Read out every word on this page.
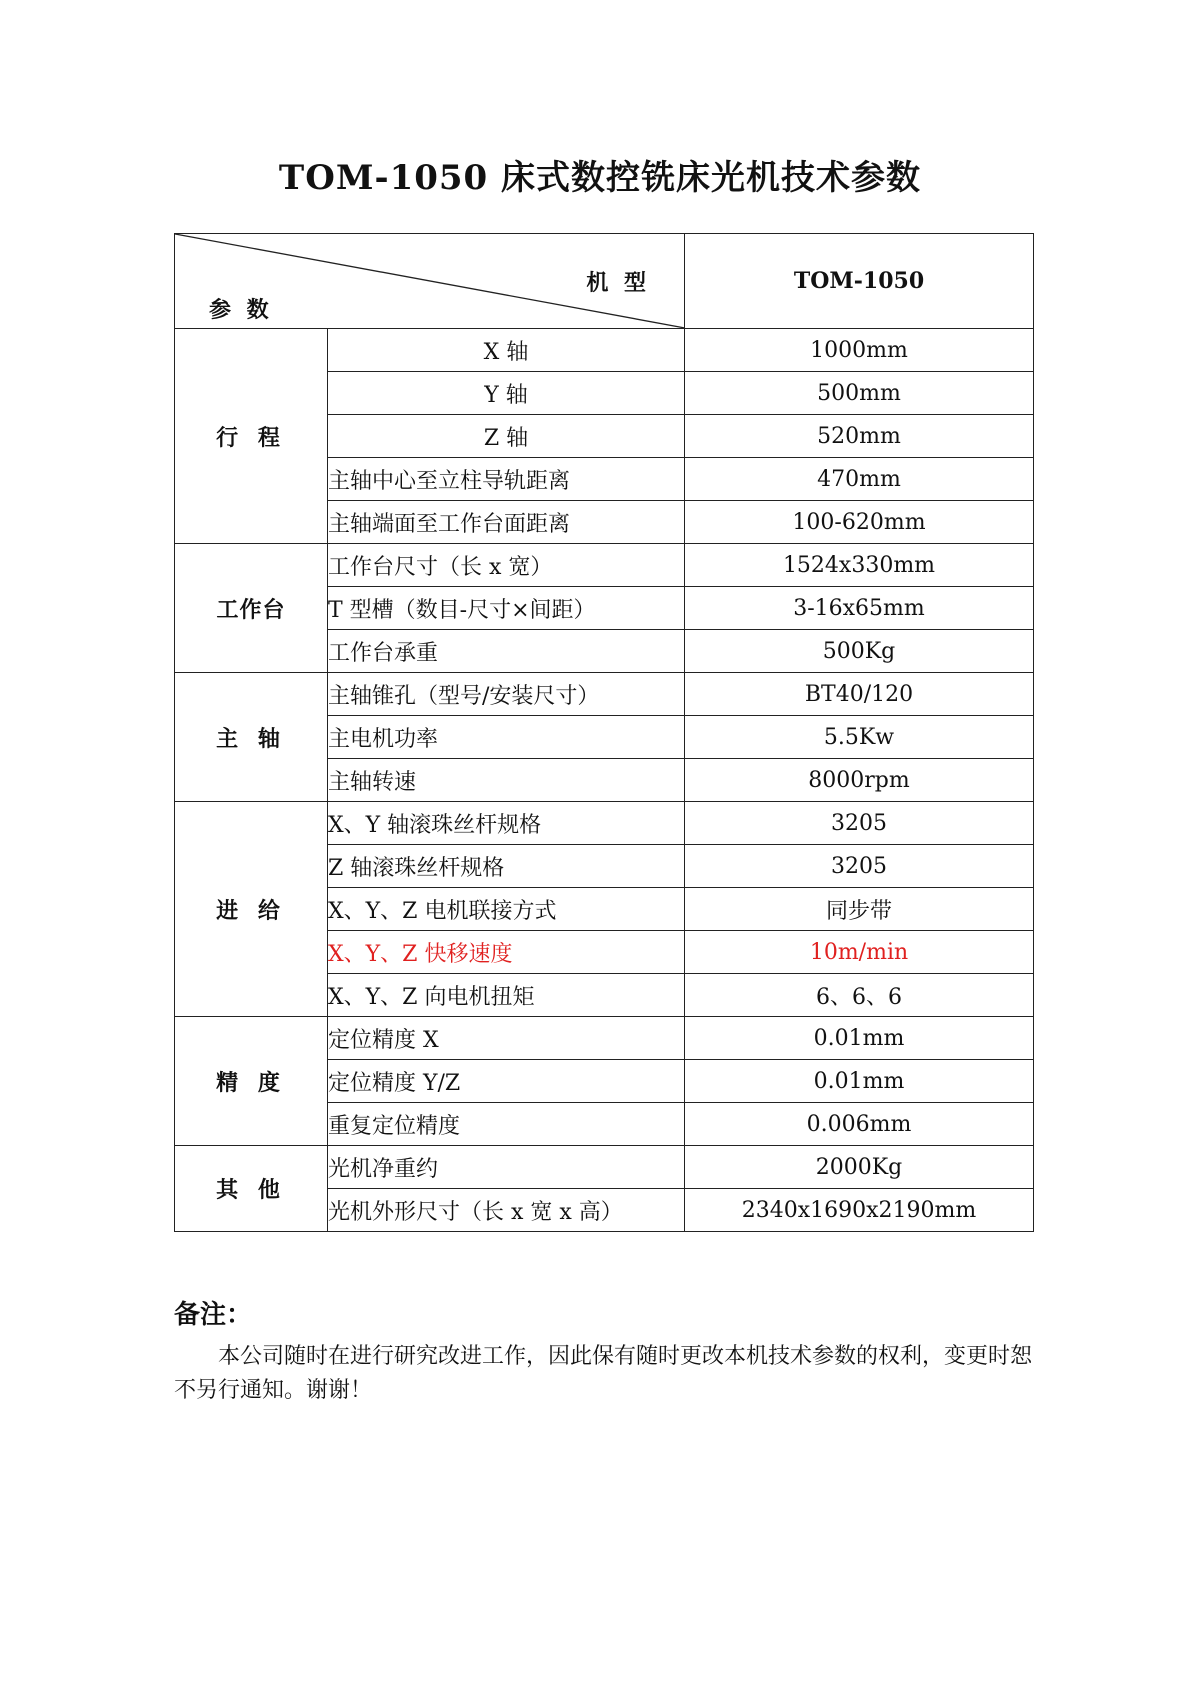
TOM-1050 床式数控铣床光机技术参数
机 型
参 数		TOM-1050
行 程	X 轴	1000mm
	Y 轴	500mm
	Z 轴	520mm
	主轴中心至立柱导轨距离	470mm
	主轴端面至工作台面距离	100-620mm
工作台	工作台尺寸（长 x 宽）	1524x330mm
	T 型槽（数目-尺寸×间距）	3-16x65mm
	工作台承重	500Kg
主 轴	主轴锥孔（型号/安装尺寸）	BT40/120
	主电机功率	5.5Kw
	主轴转速	8000rpm
进 给	X、Y 轴滚珠丝杆规格	3205
	Z 轴滚珠丝杆规格	3205
	X、Y、Z 电机联接方式	同步带
	X、Y、Z 快移速度	10m/min
	X、Y、Z 向电机扭矩	6、6、6
精 度	定位精度 X	0.01mm
	定位精度 Y/Z	0.01mm
	重复定位精度	0.006mm
其 他	光机净重约	2000Kg
	光机外形尺寸（长 x 宽 x 高）	2340x1690x2190mm
备注：
本公司随时在进行研究改进工作，因此保有随时更改本机技术参数的权利，变更时恕不另行通知。谢谢！
